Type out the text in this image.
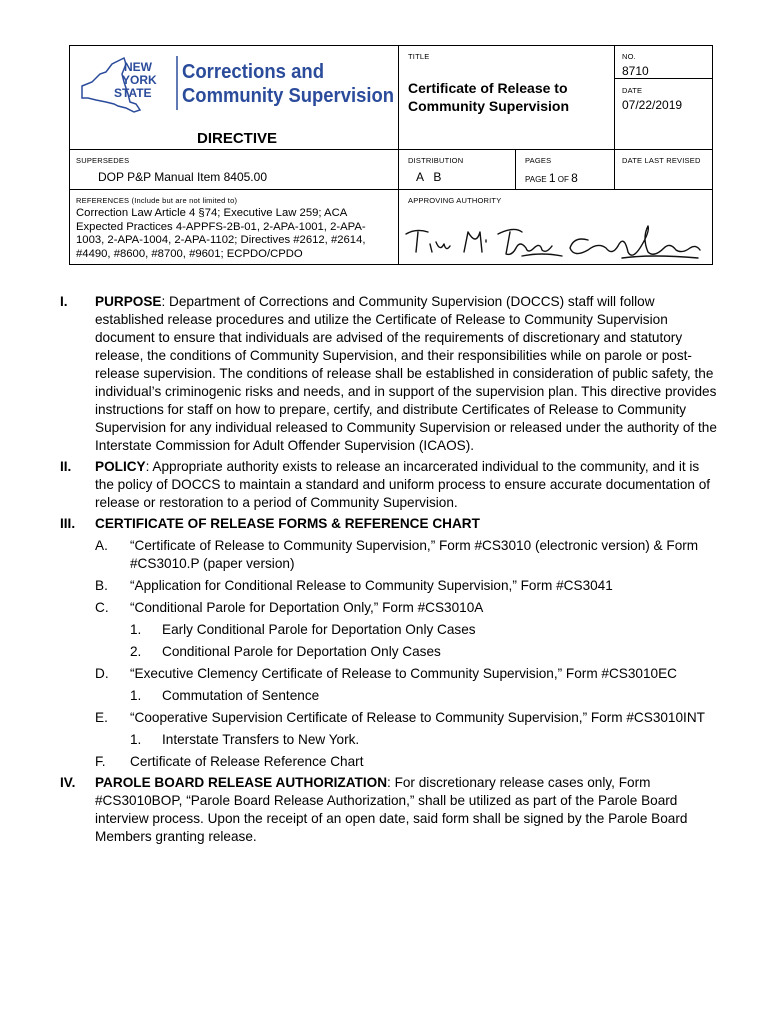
NEW
YORK
STATE
Corrections and
Community Supervision
DIRECTIVE
TITLE
Certificate of Release to Community Supervision
NO.
8710
DATE
07/22/2019
SUPERSEDES
DOP P&P Manual Item 8405.00
DISTRIBUTION
A   B
PAGES
PAGE 1 OF 8
DATE LAST REVISED
REFERENCES (Include but are not limited to)
Correction Law Article 4 §74; Executive Law 259; ACA Expected Practices 4-APPFS-2B-01, 2-APA-1001, 2-APA-1003, 2-APA-1004, 2-APA-1102; Directives #2612, #2614, #4490, #8600, #8700, #9601; ECPDO/CPDO
APPROVING AUTHORITY
I. PURPOSE: Department of Corrections and Community Supervision (DOCCS) staff will follow established release procedures and utilize the Certificate of Release to Community Supervision document to ensure that individuals are advised of the requirements of discretionary and statutory release, the conditions of Community Supervision, and their responsibilities while on parole or post-release supervision. The conditions of release shall be established in consideration of public safety, the individual’s criminogenic risks and needs, and in support of the supervision plan. This directive provides instructions for staff on how to prepare, certify, and distribute Certificates of Release to Community Supervision for any individual released to Community Supervision or released under the authority of the Interstate Commission for Adult Offender Supervision (ICAOS).
II. POLICY: Appropriate authority exists to release an incarcerated individual to the community, and it is the policy of DOCCS to maintain a standard and uniform process to ensure accurate documentation of release or restoration to a period of Community Supervision.
III. CERTIFICATE OF RELEASE FORMS & REFERENCE CHART
A. “Certificate of Release to Community Supervision,” Form #CS3010 (electronic version) & Form #CS3010.P (paper version)
B. “Application for Conditional Release to Community Supervision,” Form #CS3041
C. “Conditional Parole for Deportation Only,” Form #CS3010A
1. Early Conditional Parole for Deportation Only Cases
2. Conditional Parole for Deportation Only Cases
D. “Executive Clemency Certificate of Release to Community Supervision,” Form #CS3010EC
1. Commutation of Sentence
E. “Cooperative Supervision Certificate of Release to Community Supervision,” Form #CS3010INT
1. Interstate Transfers to New York.
F. Certificate of Release Reference Chart
IV. PAROLE BOARD RELEASE AUTHORIZATION: For discretionary release cases only, Form #CS3010BOP, “Parole Board Release Authorization,” shall be utilized as part of the Parole Board interview process. Upon the receipt of an open date, said form shall be signed by the Parole Board Members granting release.
